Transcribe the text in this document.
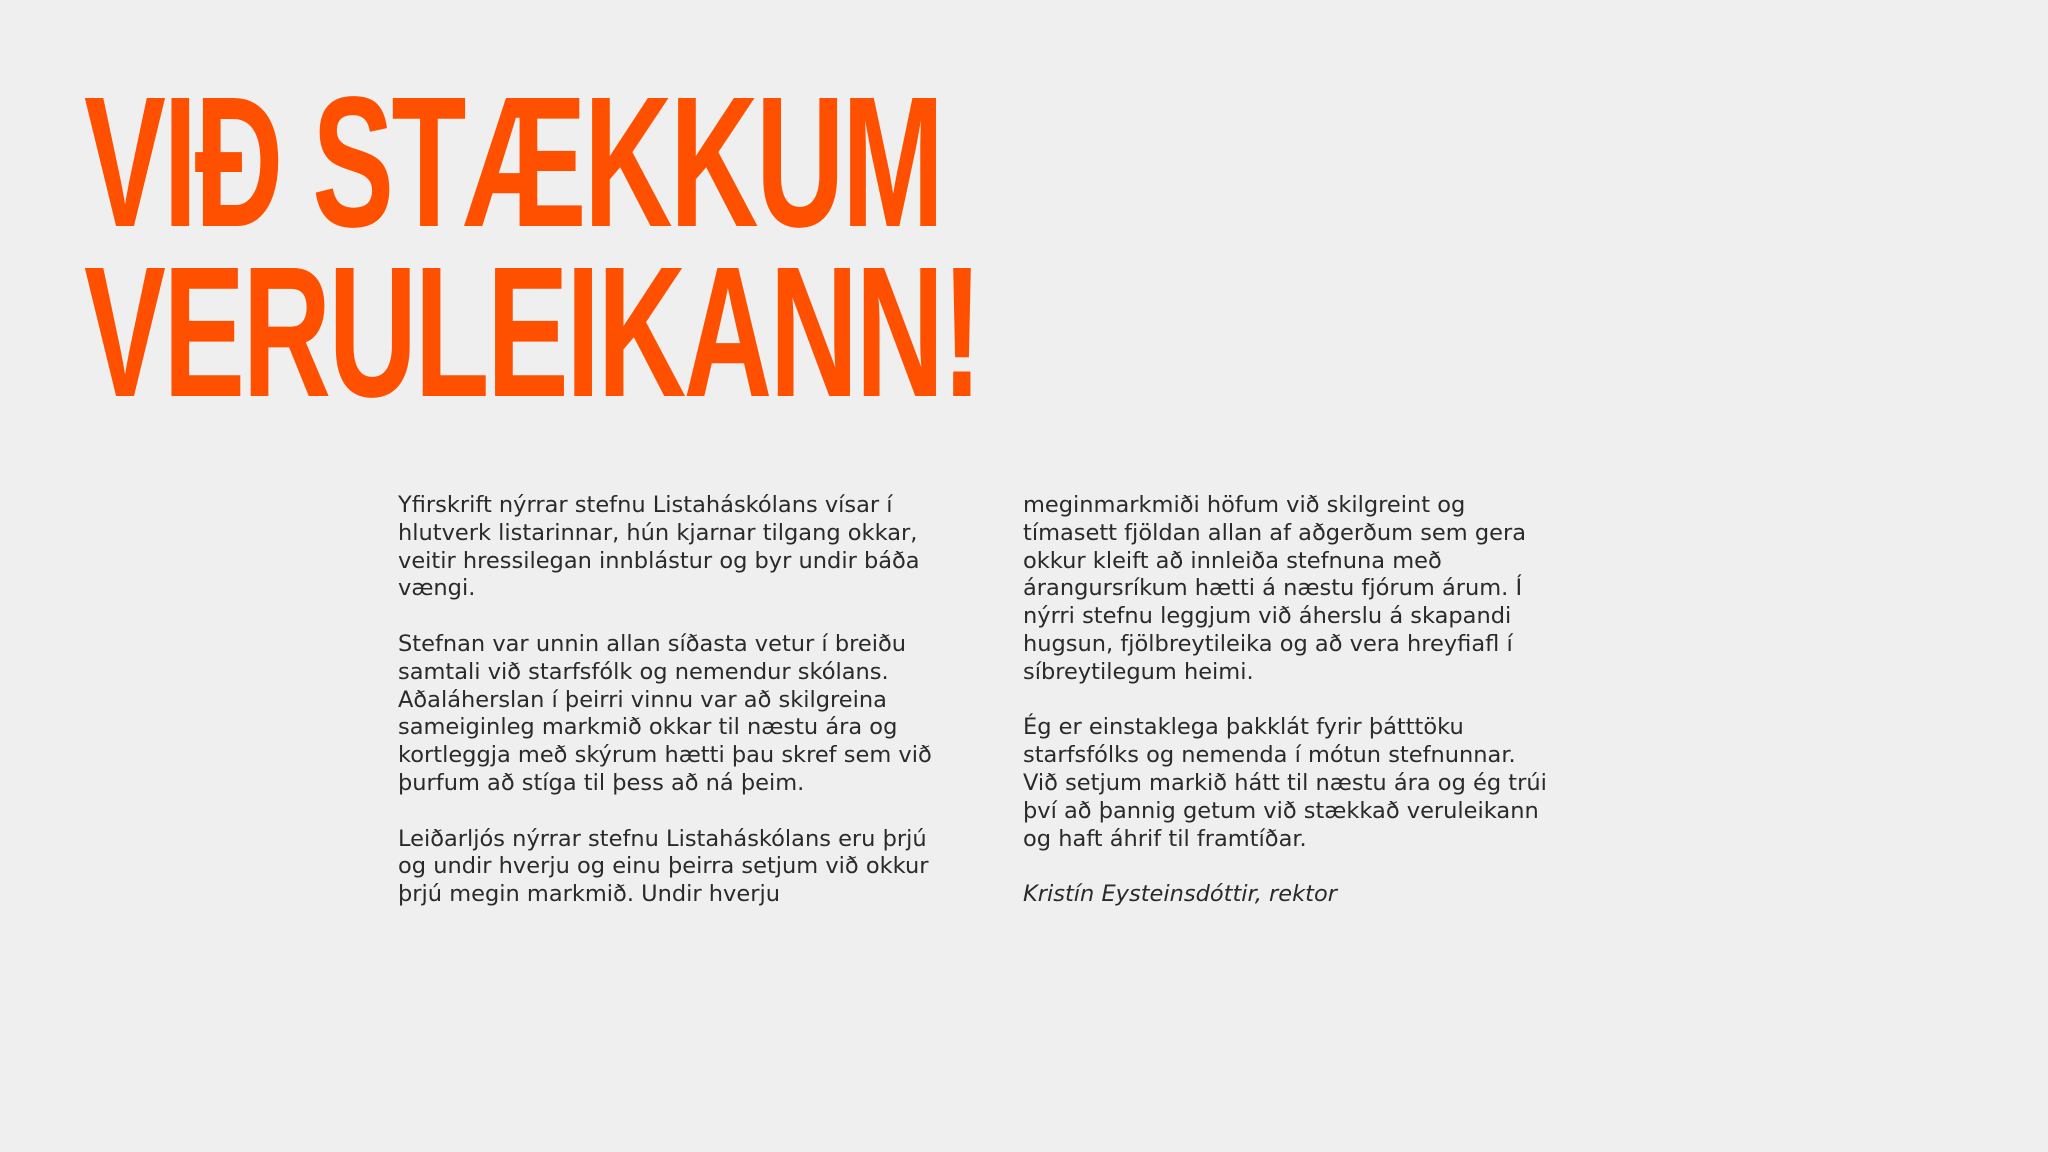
VIÐ STÆKKUM
VERULEIKANN!

Yfirskrift nýrrar stefnu Listaháskólans vísar í
hlutverk listarinnar, hún kjarnar tilgang okkar,
veitir hressilegan innblástur og byr undir báða
vængi.

Stefnan var unnin allan síðasta vetur í breiðu
samtali við starfsfólk og nemendur skólans.
Aðaláherslan í þeirri vinnu var að skilgreina
sameiginleg markmið okkar til næstu ára og
kortleggja með skýrum hætti þau skref sem við
þurfum að stíga til þess að ná þeim.

Leiðarljós nýrrar stefnu Listaháskólans eru þrjú
og undir hverju og einu þeirra setjum við okkur
þrjú megin markmið. Undir hverju

meginmarkmiði höfum við skilgreint og
tímasett fjöldan allan af aðgerðum sem gera
okkur kleift að innleiða stefnuna með
árangursríkum hætti á næstu fjórum árum. Í
nýrri stefnu leggjum við áherslu á skapandi
hugsun, fjölbreytileika og að vera hreyfiafl í
síbreytilegum heimi.

Ég er einstaklega þakklát fyrir þátttöku
starfsfólks og nemenda í mótun stefnunnar.
Við setjum markið hátt til næstu ára og ég trúi
því að þannig getum við stækkað veruleikann
og haft áhrif til framtíðar.

Kristín Eysteinsdóttir, rektor
